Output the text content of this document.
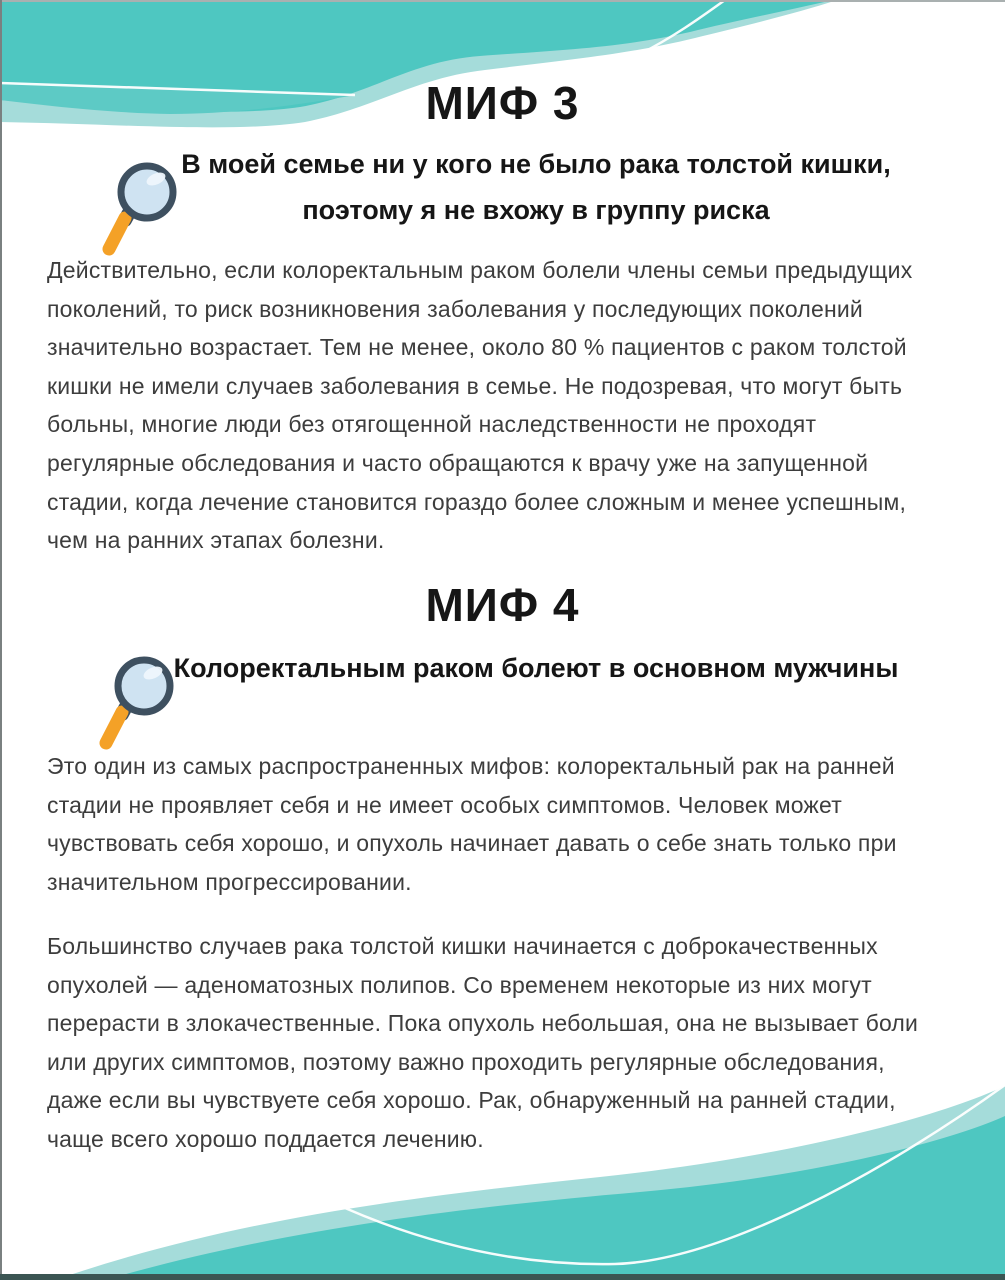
МИФ 3
В моей семье ни у кого не было рака толстой кишки,
поэтому я не вхожу в группу риска

Действительно, если колоректальным раком болели члены семьи предыдущих поколений, то риск возникновения заболевания у последующих поколений значительно возрастает. Тем не менее, около 80 % пациентов с раком толстой кишки не имели случаев заболевания в семье. Не подозревая, что могут быть больны, многие люди без отягощенной наследственности не проходят регулярные обследования и часто обращаются к врачу уже на запущенной стадии, когда лечение становится гораздо более сложным и менее успешным, чем на ранних этапах болезни.

МИФ 4
Колоректальным раком болеют в основном мужчины

Это один из самых распространенных мифов: колоректальный рак на ранней стадии не проявляет себя и не имеет особых симптомов. Человек может чувствовать себя хорошо, и опухоль начинает давать о себе знать только при значительном прогрессировании.

Большинство случаев рака толстой кишки начинается с доброкачественных опухолей — аденоматозных полипов. Со временем некоторые из них могут перерасти в злокачественные. Пока опухоль небольшая, она не вызывает боли или других симптомов, поэтому важно проходить регулярные обследования, даже если вы чувствуете себя хорошо. Рак, обнаруженный на ранней стадии, чаще всего хорошо поддается лечению.
